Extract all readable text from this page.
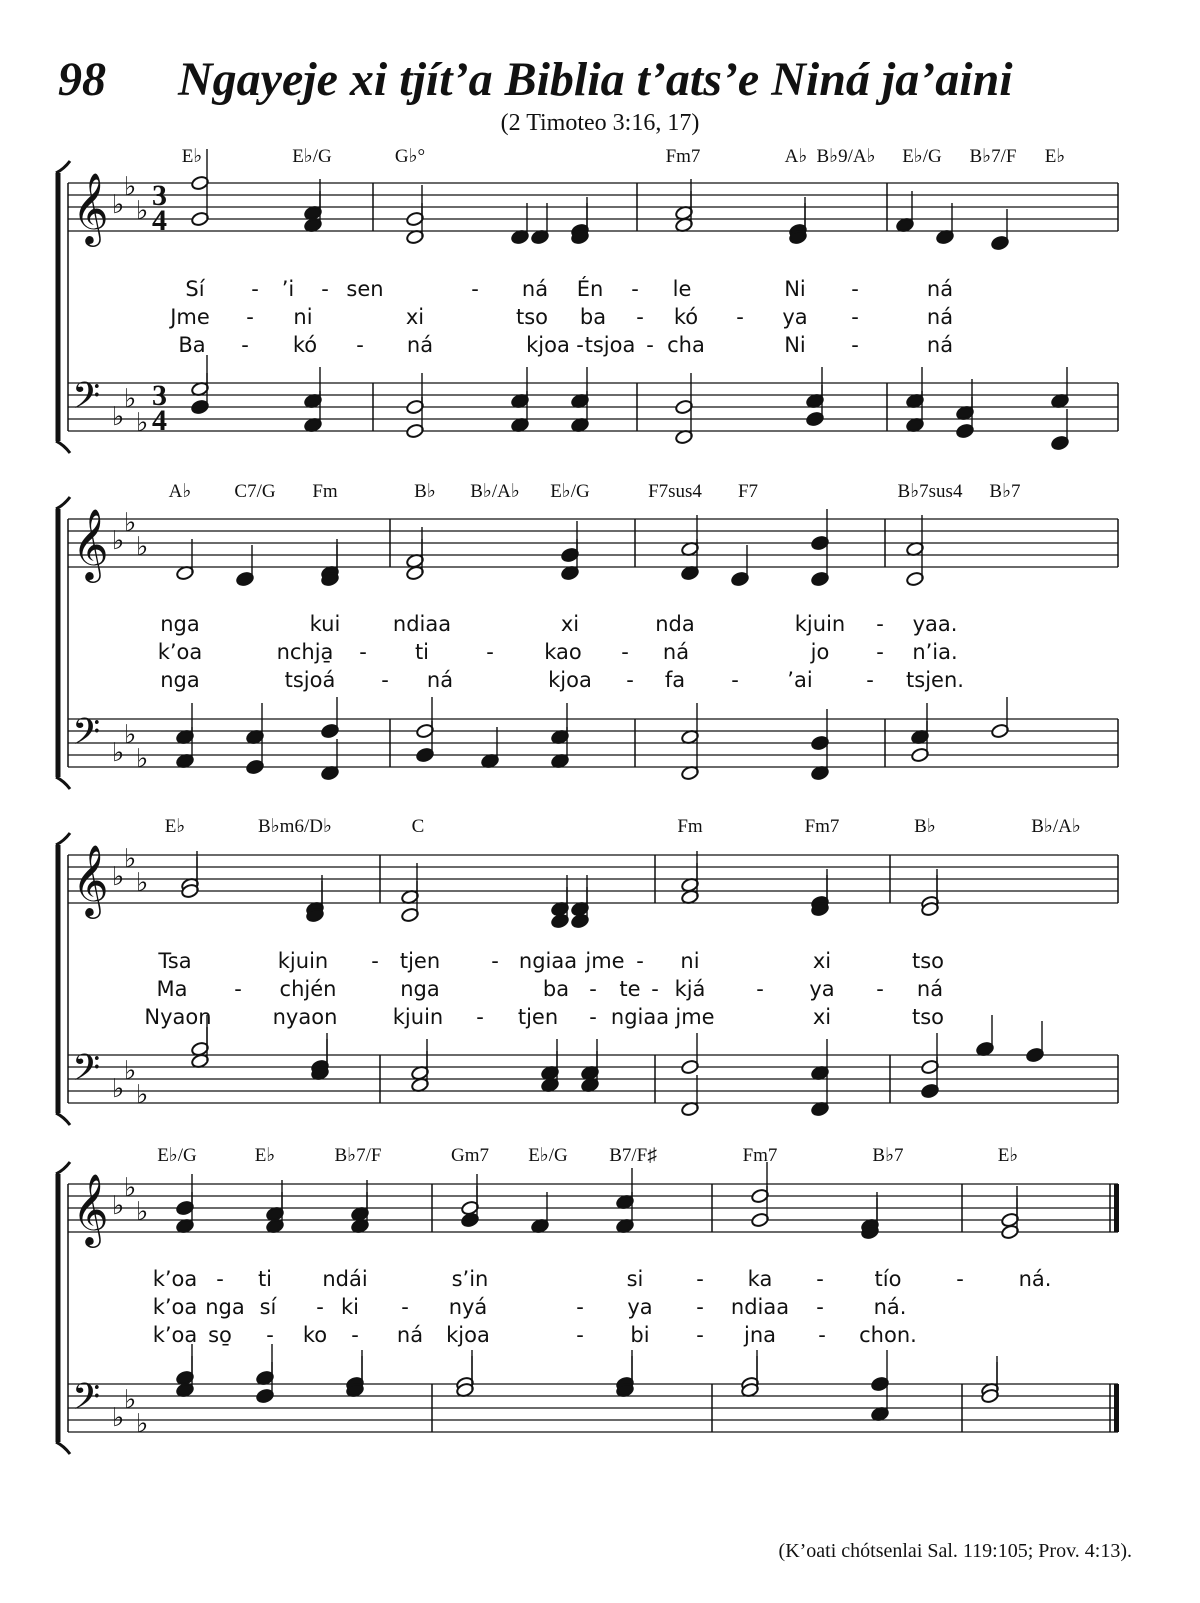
98 Ngayeje xi tjít’a Biblia t’ats’e Niná ja’aini
(2 Timoteo 3:16, 17)
𝄞 ♭
♭
♭ 3
4
𝄢 ♭
♭
♭
3
4
E♭	E♭/G	G♭°	Fm7	A♭ B♭9/A♭ E♭/G B♭7/F E♭
Sí - ’i - sen	- ná Én - le	Ni -	ná
Jme - ni	xi	tso ba - kó - ya -	ná
Ba - kó - ná	kjoa - tsjoa - cha	Ni -	ná
𝄞 ♭
♭
♭
𝄢 ♭
♭
♭
A♭ C7/G Fm	B♭ B♭/A♭ E♭/G	F7sus4 F7	B♭7sus4 B♭7
nga	kui	ndiaa	xi	nda	kjuin - yaa.
k’oa	nchja̱ - ti	- kao - ná	jo - n’ia.
nga	tsjoá - ná	kjoa - fa - ’ai	- tsjen.
𝄞 ♭
♭
♭
𝄢 ♭
♭
♭
E♭	B♭m6/D♭	C	Fm	Fm7	B♭	B♭/A♭
Tsa	kjuin - tjen - ngiaa jme - ni	xi	tso
Ma - chjén	nga	ba - te - kjá - ya - ná
Nyaon	nyaon	kjuin - tjen - ngiaa jme	xi	tso
𝄞 ♭
♭
♭
𝄢 ♭
♭
♭
E♭/G	E♭	B♭7/F	Gm7 E♭/G B7/F♯	Fm7	B♭7	E♭
k’oa - ti ndái	s’in	si	- ka - tío	-	ná.
k’oa nga sí - ki - nyá	- ya - ndiaa - ná.
k’oa so̱ - ko - ná kjoa	- bi - jna - chon.
(K’oati chótsenlai Sal. 119:105; Prov. 4:13).
